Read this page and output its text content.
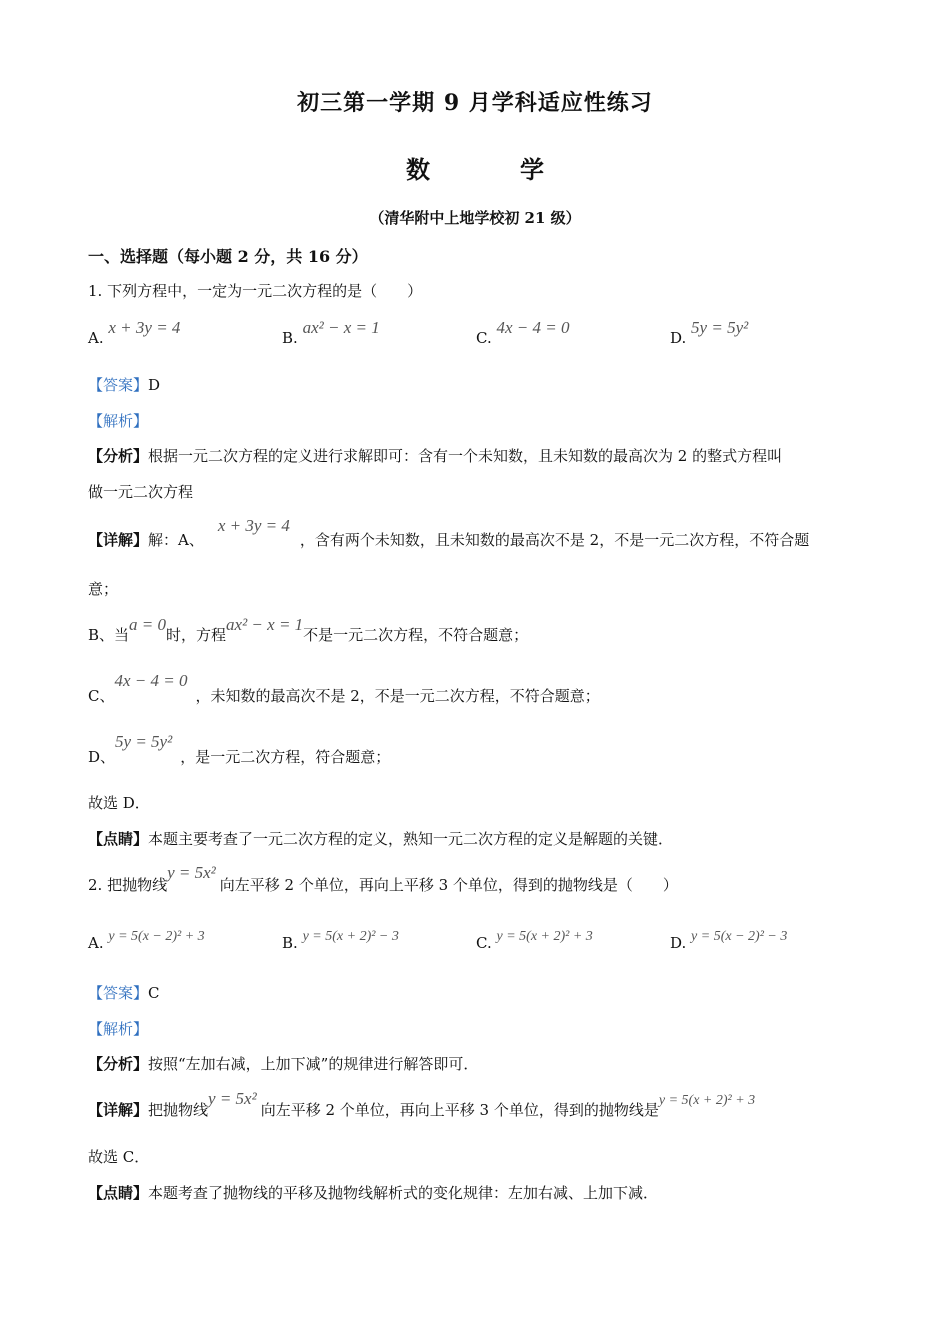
初三第一学期 9 月学科适应性练习
数学
（清华附中上地学校初 21 级）
一、选择题（每小题 2 分，共 16 分）
1. 下列方程中，一定为一元二次方程的是（　　）
A. x + 3y = 4
B. ax² − x = 1
C. 4x − 4 = 0
D. 5y = 5y²
【答案】D
【解析】
【分析】根据一元二次方程的定义进行求解即可：含有一个未知数，且未知数的最高次为 2 的整式方程叫
做一元二次方程
【详解】解：A、x + 3y = 4，含有两个未知数，且未知数的最高次不是 2，不是一元二次方程，不符合题
意；
B、当a = 0时，方程ax² − x = 1不是一元二次方程，不符合题意；
C、4x − 4 = 0，未知数的最高次不是 2，不是一元二次方程，不符合题意；
D、5y = 5y²，是一元二次方程，符合题意；
故选 D．
【点睛】本题主要考查了一元二次方程的定义，熟知一元二次方程的定义是解题的关键．
2. 把抛物线y = 5x²向左平移 2 个单位，再向上平移 3 个单位，得到的抛物线是（　　）
A. y = 5(x − 2)² + 3	B. y = 5(x + 2)² − 3	C. y = 5(x + 2)² + 3	D. y = 5(x − 2)² − 3
【答案】C
【解析】
【分析】按照“左加右减，上加下减”的规律进行解答即可．
【详解】把抛物线y = 5x²向左平移 2 个单位，再向上平移 3 个单位，得到的抛物线是y = 5(x + 2)² + 3
故选 C．
【点睛】本题考查了抛物线的平移及抛物线解析式的变化规律：左加右减、上加下减．
